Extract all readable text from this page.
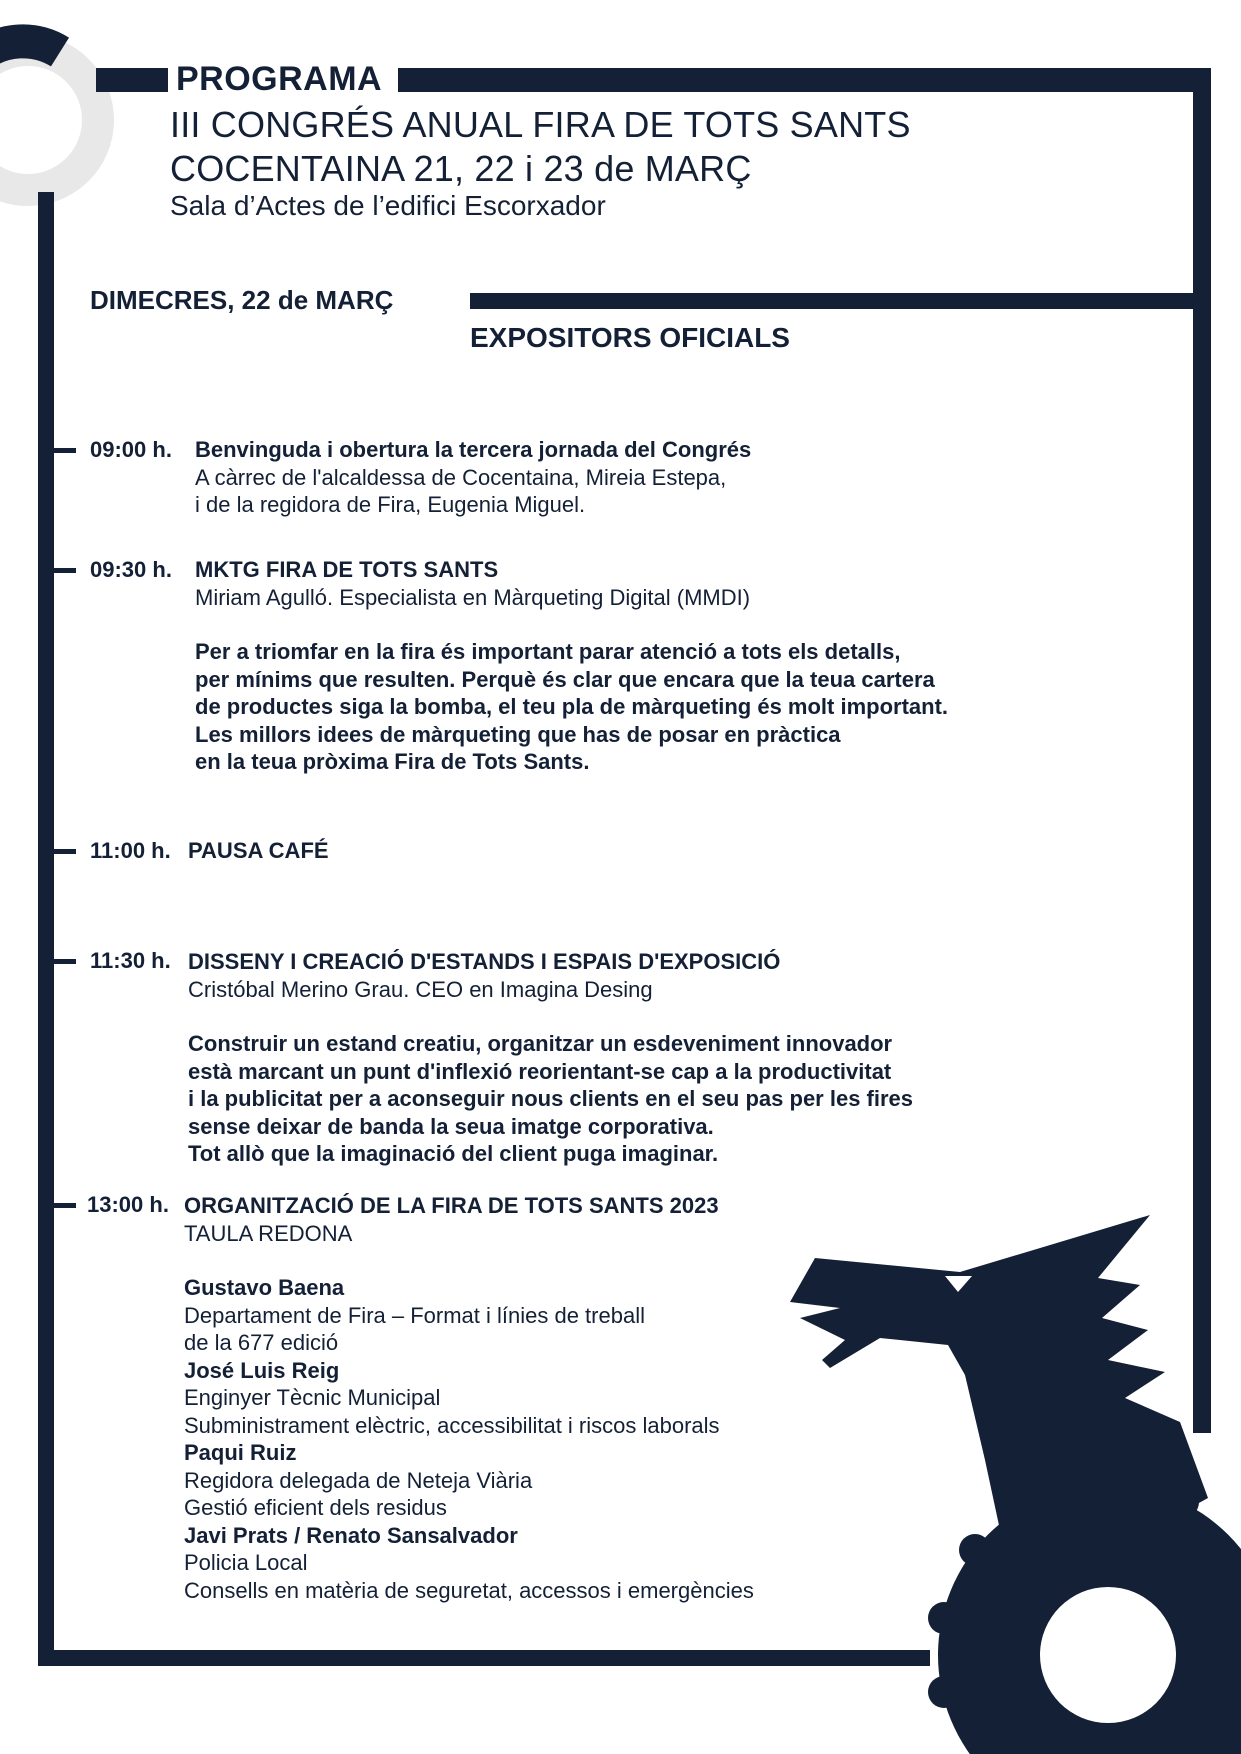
PROGRAMA
III CONGRÉS ANUAL FIRA DE TOTS SANTS
COCENTAINA 21, 22 i 23 de MARÇ
Sala d’Actes de l’edifici Escorxador
DIMECRES, 22 de MARÇ
EXPOSITORS OFICIALS
09:00 h. Benvinguda i obertura la tercera jornada del Congrés
A càrrec de l'alcaldessa de Cocentaina, Mireia Estepa,
i de la regidora de Fira, Eugenia Miguel.
09:30 h. MKTG FIRA DE TOTS SANTS
Miriam Agulló. Especialista en Màrqueting Digital (MMDI)
Per a triomfar en la fira és important parar atenció a tots els detalls,
per mínims que resulten. Perquè és clar que encara que la teua cartera
de productes siga la bomba, el teu pla de màrqueting és molt important.
Les millors idees de màrqueting que has de posar en pràctica
en la teua pròxima Fira de Tots Sants.
11:00 h. PAUSA CAFÉ
11:30 h. DISSENY I CREACIÓ D'ESTANDS I ESPAIS D'EXPOSICIÓ
Cristóbal Merino Grau. CEO en Imagina Desing
Construir un estand creatiu, organitzar un esdeveniment innovador
està marcant un punt d'inflexió reorientant-se cap a la productivitat
i la publicitat per a aconseguir nous clients en el seu pas per les fires
sense deixar de banda la seua imatge corporativa.
Tot allò que la imaginació del client puga imaginar.
13:00 h. ORGANITZACIÓ DE LA FIRA DE TOTS SANTS 2023
TAULA REDONA
Gustavo Baena
Departament de Fira – Format i línies de treball
de la 677 edició
José Luis Reig
Enginyer Tècnic Municipal
Subministrament elèctric, accessibilitat i riscos laborals
Paqui Ruiz
Regidora delegada de Neteja Viària
Gestió eficient dels residus
Javi Prats / Renato Sansalvador
Policia Local
Consells en matèria de seguretat, accessos i emergències
